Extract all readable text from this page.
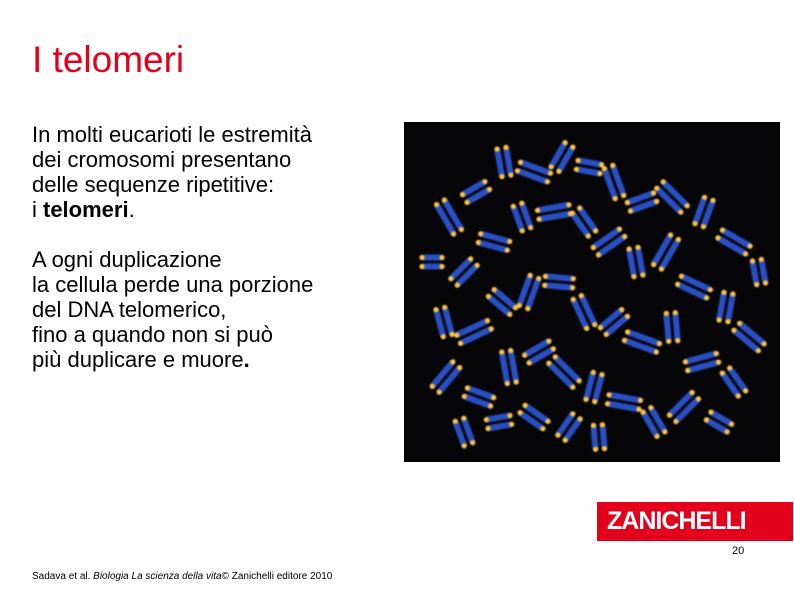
I telomeri

In molti eucarioti le estremità
dei cromosomi presentano
delle sequenze ripetitive:
i telomeri.

A ogni duplicazione
la cellula perde una porzione
del DNA telomerico,
fino a quando non si può
più duplicare e muore.

ZANICHELLI
20
Sadava et al. Biologia La scienza della vita© Zanichelli editore 2010
